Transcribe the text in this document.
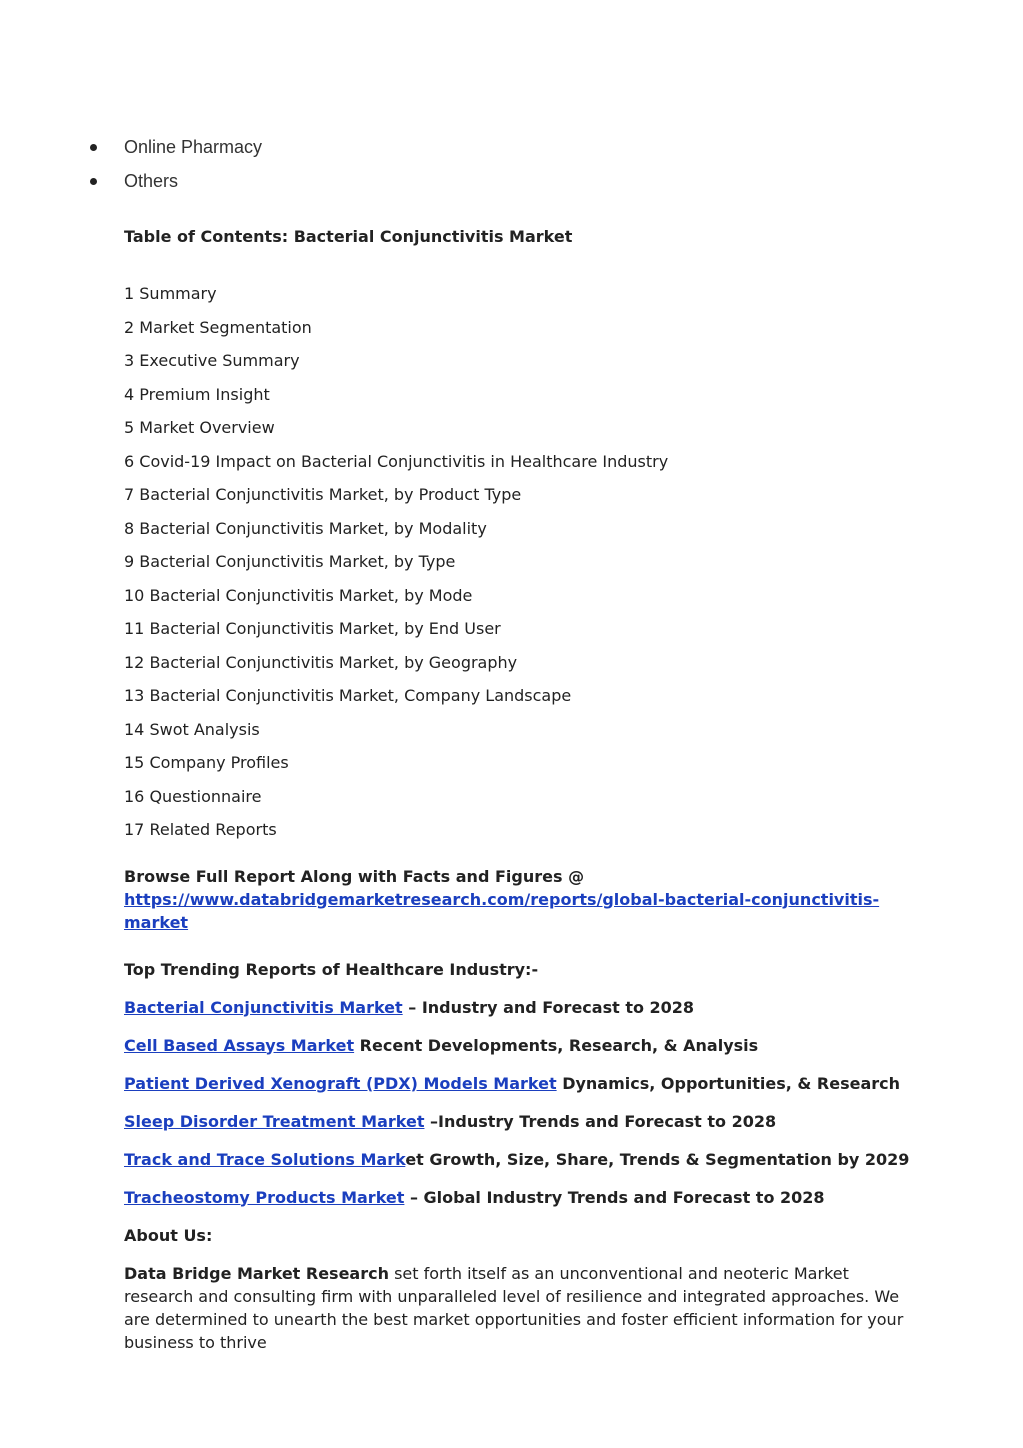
Online Pharmacy
Others
Table of Contents: Bacterial Conjunctivitis Market
1 Summary
2 Market Segmentation
3 Executive Summary
4 Premium Insight
5 Market Overview
6 Covid-19 Impact on Bacterial Conjunctivitis in Healthcare Industry
7 Bacterial Conjunctivitis Market, by Product Type
8 Bacterial Conjunctivitis Market, by Modality
9 Bacterial Conjunctivitis Market, by Type
10 Bacterial Conjunctivitis Market, by Mode
11 Bacterial Conjunctivitis Market, by End User
12 Bacterial Conjunctivitis Market, by Geography
13 Bacterial Conjunctivitis Market, Company Landscape
14 Swot Analysis
15 Company Profiles
16 Questionnaire
17 Related Reports
Browse Full Report Along with Facts and Figures @
https://www.databridgemarketresearch.com/reports/global-bacterial-conjunctivitis-market
Top Trending Reports of Healthcare Industry:-
Bacterial Conjunctivitis Market – Industry and Forecast to 2028
Cell Based Assays Market Recent Developments, Research, & Analysis
Patient Derived Xenograft (PDX) Models Market Dynamics, Opportunities, & Research
Sleep Disorder Treatment Market –Industry Trends and Forecast to 2028
Track and Trace Solutions Market Growth, Size, Share, Trends & Segmentation by 2029
Tracheostomy Products Market – Global Industry Trends and Forecast to 2028
About Us:
Data Bridge Market Research set forth itself as an unconventional and neoteric Market research and consulting firm with unparalleled level of resilience and integrated approaches. We are determined to unearth the best market opportunities and foster efficient information for your business to thrive
